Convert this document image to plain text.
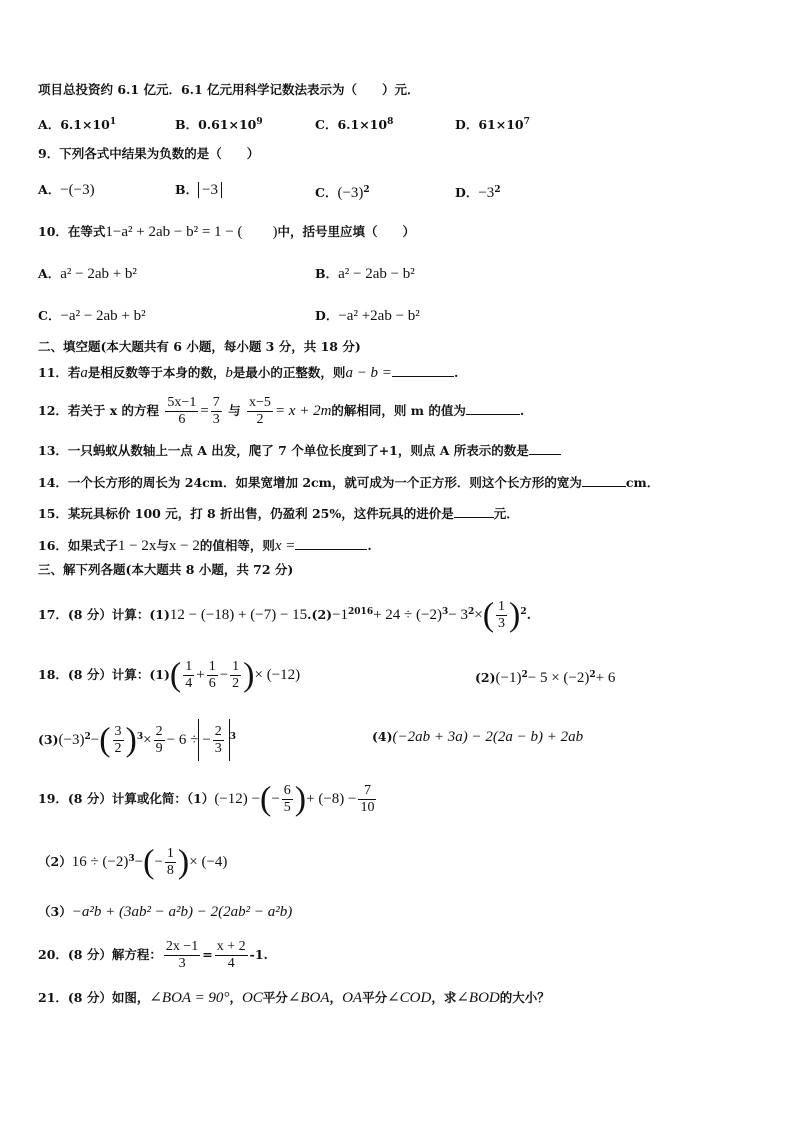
项目总投资约 6.1 亿元．6.1 亿元用科学记数法表示为（　　）元．
A．$6.1\times 10^1$	B．$0.61\times 10^9$	C．$6.1\times 10^8$	D．$61\times 10^7$
9．下列各式中结果为负数的是（　　）
A．−(−3)	B． −3	C．$(-3)^2$	D．$-3^2$
10．在等式1−a² + 2ab − b² = 1 − (　　)中，括号里应填（　　）
A．a² − 2ab + b²	B．a² − 2ab − b²
C．−a² − 2ab + b²	D．−a² +2ab − b²
二、填空题(本大题共有 6 小题，每小题 3 分，共 18 分)
11．若a是相反数等于本身的数，b是最小的正整数，则a − b =	.
12．若关于 x 的方程 $\frac{5x-1}{6} = \frac{7}{3}$ 与 $\frac{x-5}{2} = x + 2m$的解相同，则 m 的值为	.
13．一只蚂蚁从数轴上一点 A 出发，爬了 7 个单位长度到了+1，则点 A 所表示的数是
14．一个长方形的周长为 24cm．如果宽增加 2cm，就可成为一个正方形．则这个长方形的宽为	cm．
15．某玩具标价 100 元，打 8 折出售，仍盈利 25%，这件玩具的进价是	元．
16．如果式子1 − 2x与x − 2的值相等，则x =	.
三、解下列各题(本大题共 8 小题，共 72 分)
17．(8 分）计算：$(1)12 - (-18) + (-7) - 15.(2)-1^{2016}+ 24 \div (-2)^3- 3^2\times( \frac{1}{3} )^2$.
18．(8 分）计算：$(1)( \frac{1}{4} + \frac{1}{6} - \frac{1}{2}$ )× (−12)	$(2)(-1)^2- 5 \times (-2)^2+ 6$
$(3)(-3)^2-( \frac{3}{2} )^3\times \frac{2}{9} - 6$ ÷ − $\frac{2}{3} ^3$	(4)(−2ab + 3a) − 2(2a − b) + 2ab
19．(8 分）计算或化简：（1）(−12) −(− $\frac{6}{5}$ )+ $(-8) - \frac{7}{10}$
$(2)16 \div (-2)^3-(- \frac{1}{8}$ )× (−4)
（3）−a²b + (3ab² − a²b) − 2(2ab² − a²b)
20．(8 分）解方程： $\frac{2x -1}{3} = \frac{x + 2}{4} -1$.
21．(8 分）如图，∠BOA = 90°，OC平分∠BOA，OA平分∠COD，求∠BOD的大小？
